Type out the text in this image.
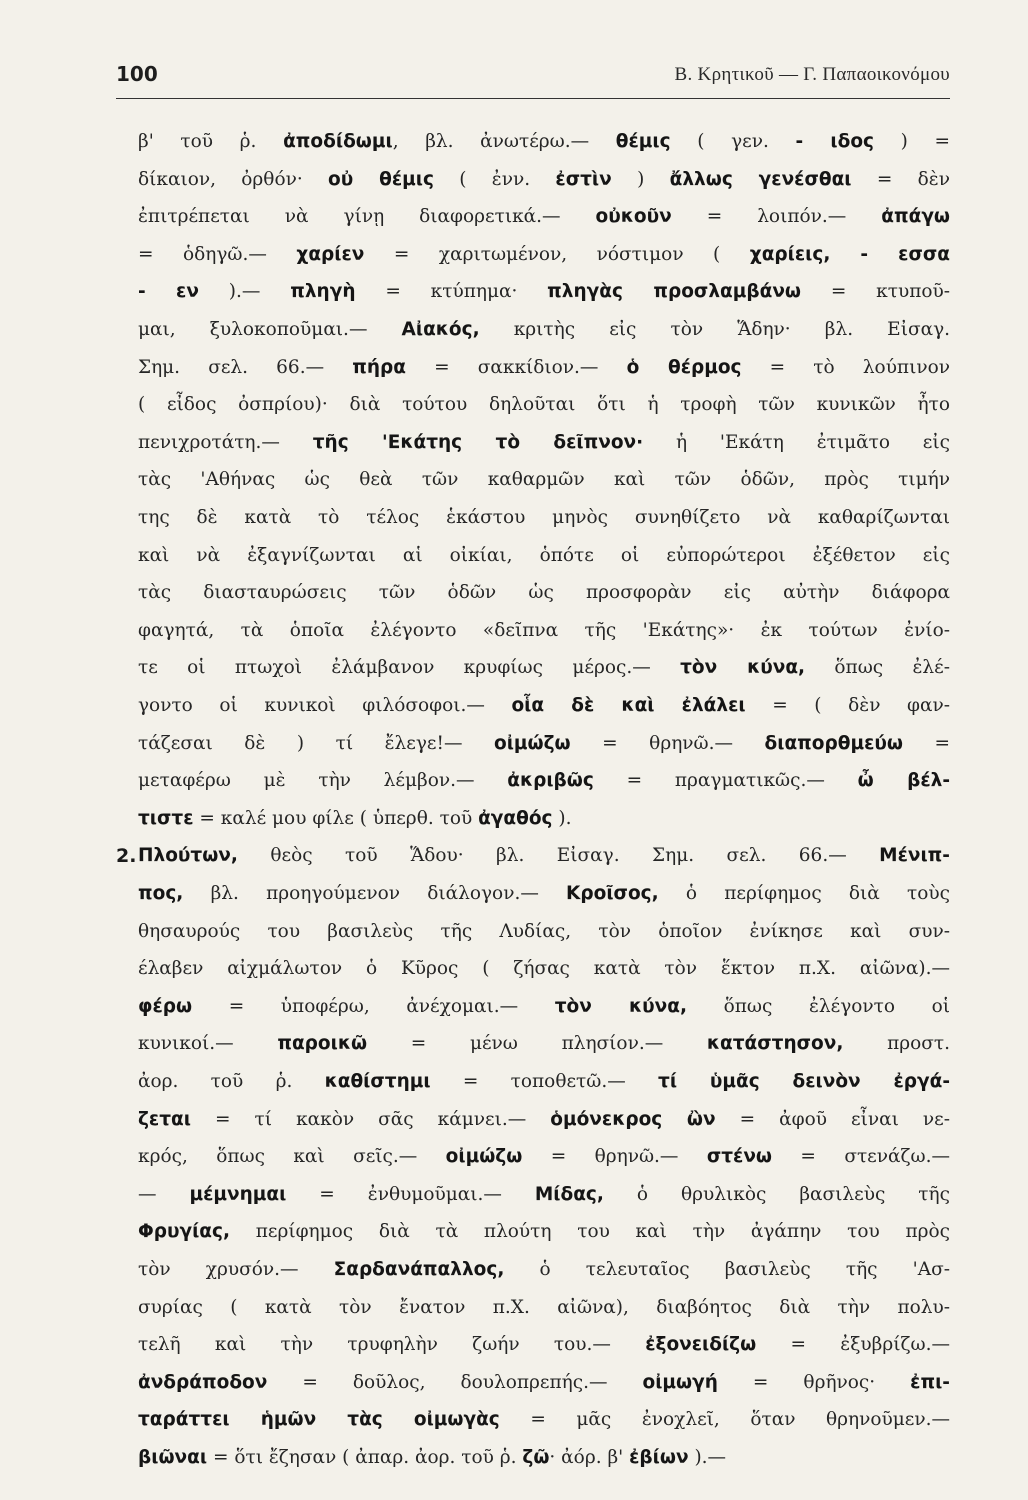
100	Β. Κρητικοῦ — Γ. Παπαοικονόμου
2.
β' τοῦ ῥ. ἀποδίδωμι, βλ. ἀνωτέρω.— θέμις ( γεν. - ιδος ) =
δίκαιον, ὀρθόν· οὐ θέμις ( ἐνν. ἐστὶν ) ἄλλως γενέσθαι = δὲν
ἐπιτρέπεται νὰ γίνῃ διαφορετικά.— οὐκοῦν = λοιπόν.— ἀπάγω
= ὁδηγῶ.— χαρίεν = χαριτωμένον, νόστιμον ( χαρίεις, - εσσα
- εν ).— πληγὴ = κτύπημα· πληγὰς προσλαμβάνω = κτυποῦ-
μαι, ξυλοκοποῦμαι.— Αἰακός, κριτὴς εἰς τὸν Ἅδην· βλ. Εἰσαγ.
Σημ. σελ. 66.— πήρα = σακκίδιον.— ὁ θέρμος = τὸ λούπινον
( εἶδος ὀσπρίου)· διὰ τούτου δηλοῦται ὅτι ἡ τροφὴ τῶν κυνικῶν ἦτο
πενιχροτάτη.— τῆς 'Εκάτης τὸ δεῖπνον· ἡ 'Εκάτη ἐτιμᾶτο εἰς
τὰς 'Αθήνας ὡς θεὰ τῶν καθαρμῶν καὶ τῶν ὁδῶν, πρὸς τιμήν
της δὲ κατὰ τὸ τέλος ἑκάστου μηνὸς συνηθίζετο νὰ καθαρίζωνται
καὶ νὰ ἐξαγνίζωνται αἱ οἰκίαι, ὁπότε οἱ εὐπορώτεροι ἐξέθετον εἰς
τὰς διασταυρώσεις τῶν ὁδῶν ὡς προσφορὰν εἰς αὐτὴν διάφορα
φαγητά, τὰ ὁποῖα ἐλέγοντο «δεῖπνα τῆς 'Εκάτης»· ἐκ τούτων ἐνίο-
τε οἱ πτωχοὶ ἐλάμβανον κρυφίως μέρος.— τὸν κύνα, ὅπως ἐλέ-
γοντο οἱ κυνικοὶ φιλόσοφοι.— οἷα δὲ καὶ ἐλάλει = ( δὲν φαν-
τάζεσαι δὲ ) τί ἔλεγε!— οἰμώζω = θρηνῶ.— διαπορθμεύω =
μεταφέρω μὲ τὴν λέμβον.— ἀκριβῶς = πραγματικῶς.— ὦ βέλ-
τιστε = καλέ μου φίλε ( ὑπερθ. τοῦ ἀγαθός ).
Πλούτων, θεὸς τοῦ Ἅδου· βλ. Εἰσαγ. Σημ. σελ. 66.— Μένιπ-
πος, βλ. προηγούμενον διάλογον.— Κροῖσος, ὁ περίφημος διὰ τοὺς
θησαυρούς του βασιλεὺς τῆς Λυδίας, τὸν ὁποῖον ἐνίκησε καὶ συν-
έλαβεν αἰχμάλωτον ὁ Κῦρος ( ζήσας κατὰ τὸν ἕκτον π.Χ. αἰῶνα).—
φέρω = ὑποφέρω, ἀνέχομαι.— τὸν κύνα, ὅπως ἐλέγοντο οἱ
κυνικοί.— παροικῶ = μένω πλησίον.— κατάστησον, προστ.
ἀορ. τοῦ ῥ. καθίστημι = τοποθετῶ.— τί ὑμᾶς δεινὸν ἐργά-
ζεται = τί κακὸν σᾶς κάμνει.— ὁμόνεκρος ὢν = ἀφοῦ εἶναι νε-
κρός, ὅπως καὶ σεῖς.— οἰμώζω = θρηνῶ.— στένω = στενάζω.—
— μέμνημαι = ἐνθυμοῦμαι.— Μίδας, ὁ θρυλικὸς βασιλεὺς τῆς
Φρυγίας, περίφημος διὰ τὰ πλούτη του καὶ τὴν ἀγάπην του πρὸς
τὸν χρυσόν.— Σαρδανάπαλλος, ὁ τελευταῖος βασιλεὺς τῆς 'Ασ-
συρίας ( κατὰ τὸν ἔνατον π.Χ. αἰῶνα), διαβόητος διὰ τὴν πολυ-
τελῆ καὶ τὴν τρυφηλὴν ζωήν του.— ἐξονειδίζω = ἐξυβρίζω.—
ἀνδράποδον = δοῦλος, δουλοπρεπής.— οἰμωγή = θρῆνος· ἐπι-
ταράττει ἡμῶν τὰς οἰμωγὰς = μᾶς ἐνοχλεῖ, ὅταν θρηνοῦμεν.—
βιῶναι = ὅτι ἔζησαν ( ἀπαρ. ἀορ. τοῦ ῥ. ζῶ· ἀόρ. β' ἐβίων ).—
